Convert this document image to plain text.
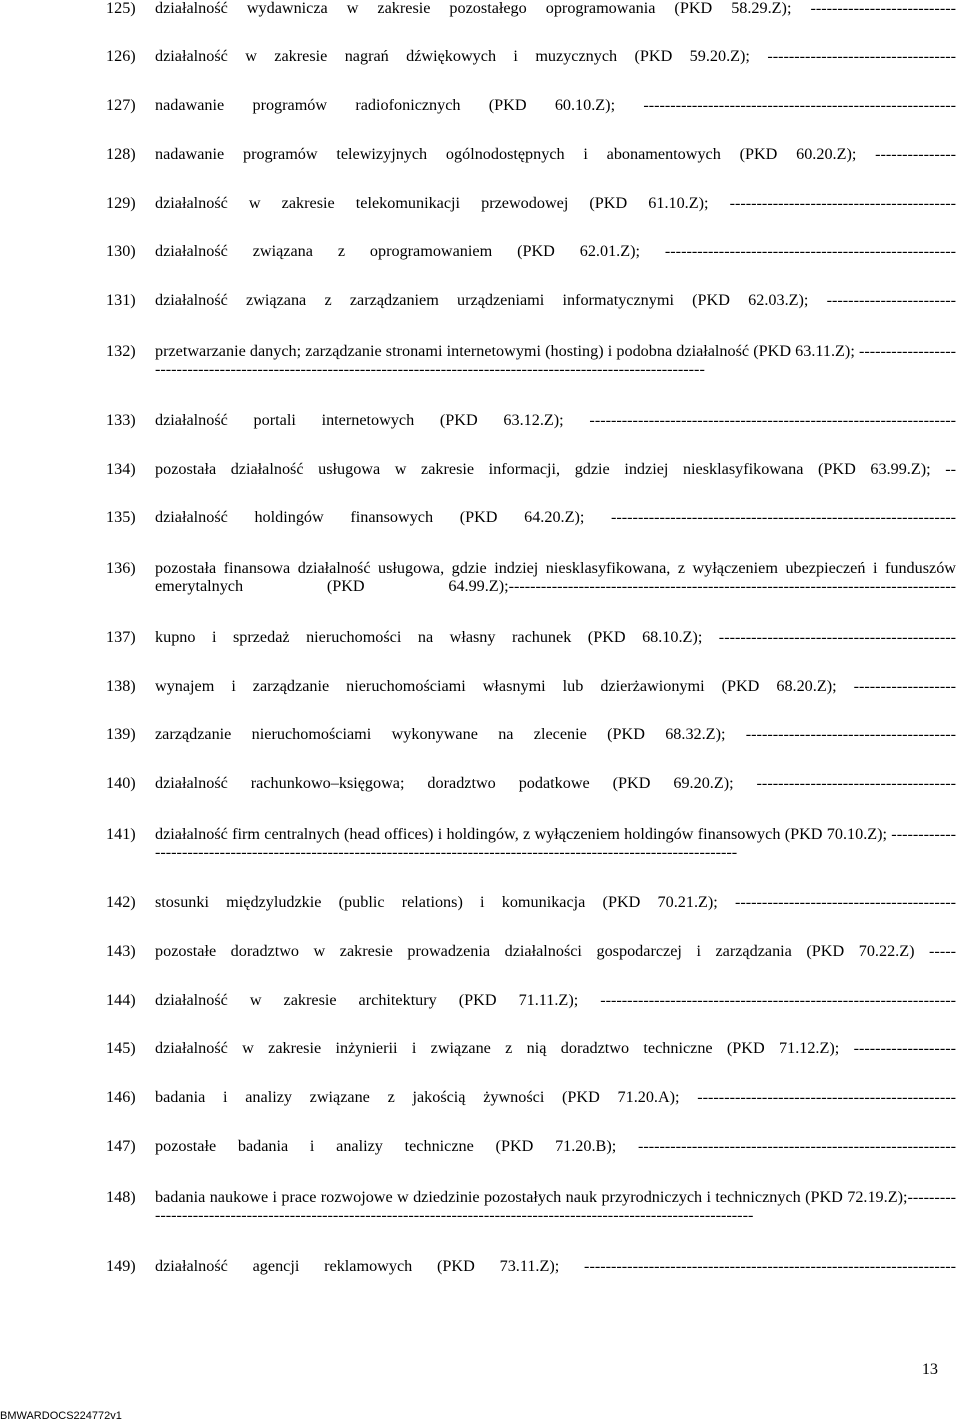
125) działalność wydawnicza w zakresie pozostałego oprogramowania (PKD 58.29.Z); ---------------------------
126) działalność w zakresie nagrań dźwiękowych i muzycznych (PKD 59.20.Z); -----------------------------------
127) nadawanie programów radiofonicznych (PKD 60.10.Z); ----------------------------------------------------------
128) nadawanie programów telewizyjnych ogólnodostępnych i abonamentowych (PKD 60.20.Z); ---------------
129) działalność w zakresie telekomunikacji przewodowej (PKD 61.10.Z); ------------------------------------------
130) działalność związana z oprogramowaniem (PKD 62.01.Z); ------------------------------------------------------
131) działalność związana z zarządzaniem urządzeniami informatycznymi (PKD 62.03.Z); ------------------------
132) przetwarzanie danych; zarządzanie stronami internetowymi (hosting) i podobna działalność (PKD 63.11.Z); ------------------------------------------------------------------------------------------------------------------------
133) działalność portali internetowych (PKD 63.12.Z); --------------------------------------------------------------------
134) pozostała działalność usługowa w zakresie informacji, gdzie indziej niesklasyfikowana (PKD 63.99.Z); --
135) działalność holdingów finansowych (PKD 64.20.Z); ----------------------------------------------------------------
136) pozostała finansowa działalność usługowa, gdzie indziej niesklasyfikowana, z wyłączeniem ubezpieczeń i funduszów emerytalnych (PKD 64.99.Z);-----------------------------------------------------------------------------------
137) kupno i sprzedaż nieruchomości na własny rachunek (PKD 68.10.Z); --------------------------------------------
138) wynajem i zarządzanie nieruchomościami własnymi lub dzierżawionymi (PKD 68.20.Z); -------------------
139) zarządzanie nieruchomościami wykonywane na zlecenie (PKD 68.32.Z); ---------------------------------------
140) działalność rachunkowo–księgowa; doradztwo podatkowe (PKD 69.20.Z); -------------------------------------
141) działalność firm centralnych (head offices) i holdingów, z wyłączeniem holdingów finansowych (PKD 70.10.Z); ------------------------------------------------------------------------------------------------------------------------
142) stosunki międzyludzkie (public relations) i komunikacja (PKD 70.21.Z); -----------------------------------------
143) pozostałe doradztwo w zakresie prowadzenia działalności gospodarczej i zarządzania (PKD 70.22.Z) -----
144) działalność w zakresie architektury (PKD 71.11.Z); ------------------------------------------------------------------
145) działalność w zakresie inżynierii i związane z nią doradztwo techniczne (PKD 71.12.Z); -------------------
146) badania i analizy związane z jakością żywności (PKD 71.20.A); ------------------------------------------------
147) pozostałe badania i analizy techniczne (PKD 71.20.B); -----------------------------------------------------------
148) badania naukowe i prace rozwojowe w dziedzinie pozostałych nauk przyrodniczych i technicznych (PKD 72.19.Z);------------------------------------------------------------------------------------------------------------------------
149) działalność agencji reklamowych (PKD 73.11.Z); ---------------------------------------------------------------------
13
BMWARDOCS224772v1
